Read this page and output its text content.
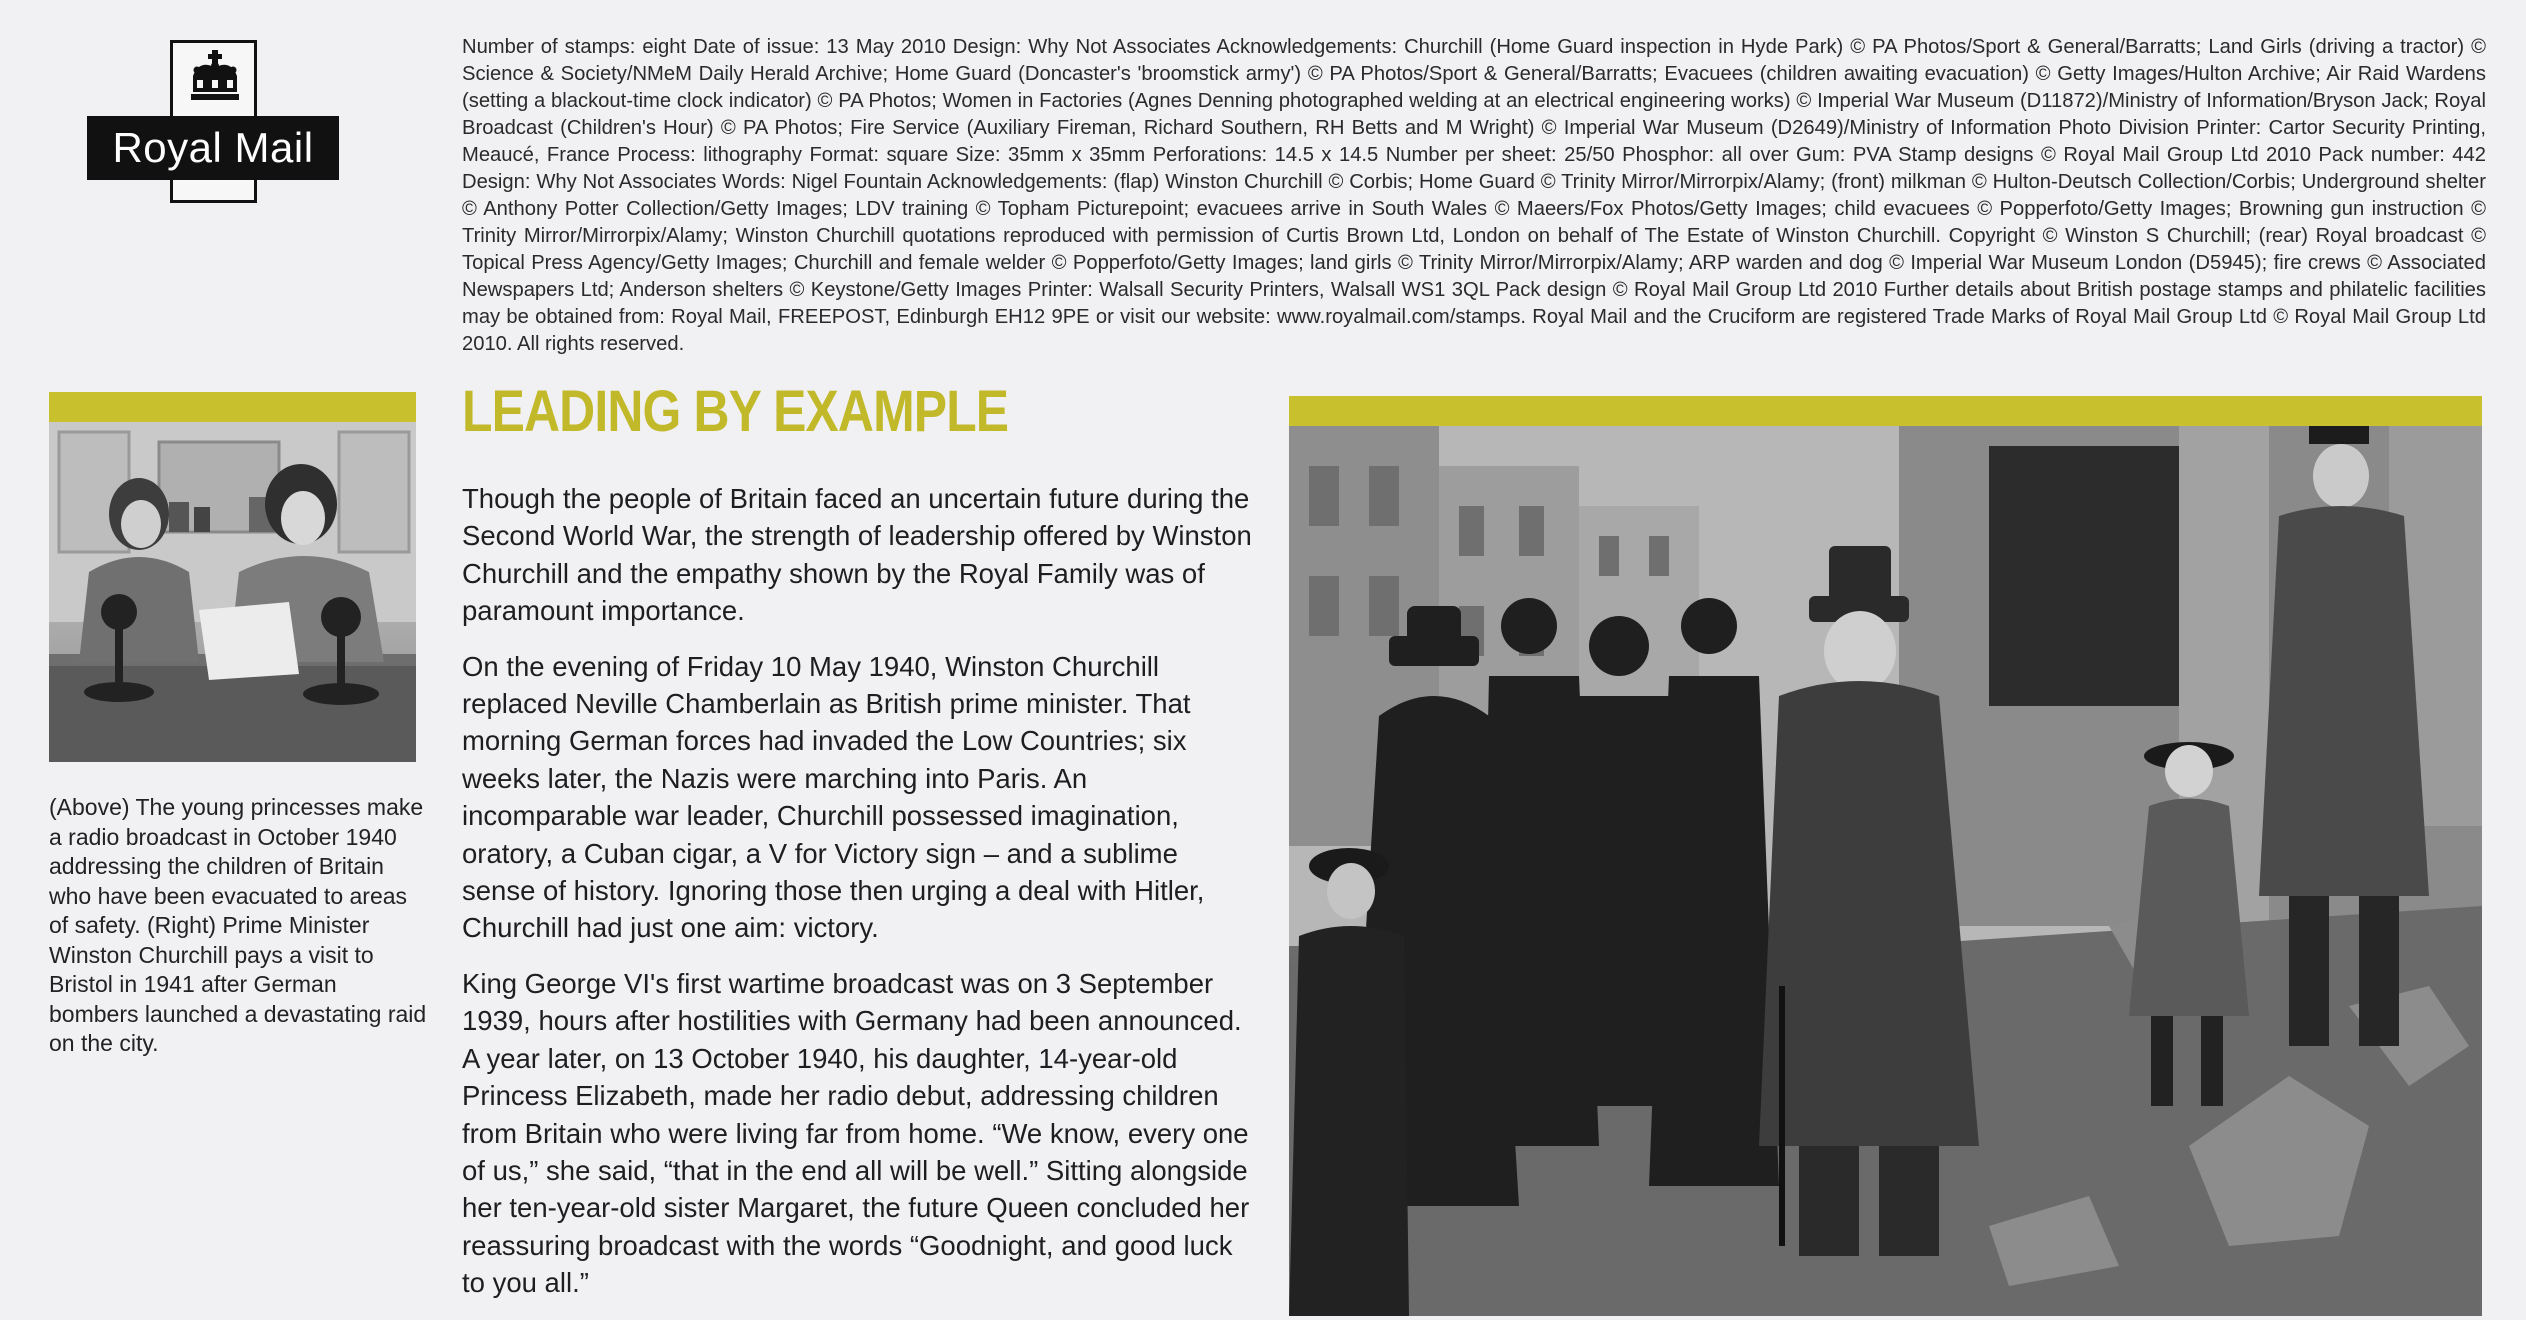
Royal Mail
Number of stamps: eight Date of issue: 13 May 2010 Design: Why Not Associates Acknowledgements: Churchill (Home Guard inspection in Hyde Park) © PA Photos/Sport & General/Barratts; Land Girls (driving a tractor) © Science & Society/NMeM Daily Herald Archive; Home Guard (Doncaster's 'broomstick army') © PA Photos/Sport & General/Barratts; Evacuees (children awaiting evacuation) © Getty Images/Hulton Archive; Air Raid Wardens (setting a blackout-time clock indicator) © PA Photos; Women in Factories (Agnes Denning photographed welding at an electrical engineering works) © Imperial War Museum (D11872)/Ministry of Information/Bryson Jack; Royal Broadcast (Children's Hour) © PA Photos; Fire Service (Auxiliary Fireman, Richard Southern, RH Betts and M Wright) © Imperial War Museum (D2649)/Ministry of Information Photo Division Printer: Cartor Security Printing, Meaucé, France Process: lithography Format: square Size: 35mm x 35mm Perforations: 14.5 x 14.5 Number per sheet: 25/50 Phosphor: all over Gum: PVA Stamp designs © Royal Mail Group Ltd 2010 Pack number: 442 Design: Why Not Associates Words: Nigel Fountain Acknowledgements: (flap) Winston Churchill © Corbis; Home Guard © Trinity Mirror/Mirrorpix/Alamy; (front) milkman © Hulton-Deutsch Collection/Corbis; Underground shelter © Anthony Potter Collection/Getty Images; LDV training © Topham Picturepoint; evacuees arrive in South Wales © Maeers/Fox Photos/Getty Images; child evacuees © Popperfoto/Getty Images; Browning gun instruction © Trinity Mirror/Mirrorpix/Alamy; Winston Churchill quotations reproduced with permission of Curtis Brown Ltd, London on behalf of The Estate of Winston Churchill. Copyright © Winston S Churchill; (rear) Royal broadcast © Topical Press Agency/Getty Images; Churchill and female welder © Popperfoto/Getty Images; land girls © Trinity Mirror/Mirrorpix/Alamy; ARP warden and dog © Imperial War Museum London (D5945); fire crews © Associated Newspapers Ltd; Anderson shelters © Keystone/Getty Images Printer: Walsall Security Printers, Walsall WS1 3QL Pack design © Royal Mail Group Ltd 2010 Further details about British postage stamps and philatelic facilities may be obtained from: Royal Mail, FREEPOST, Edinburgh EH12 9PE or visit our website: www.royalmail.com/stamps. Royal Mail and the Cruciform are registered Trade Marks of Royal Mail Group Ltd © Royal Mail Group Ltd 2010. All rights reserved.
(Above) The young princesses make a radio broadcast in October 1940 addressing the children of Britain who have been evacuated to areas of safety. (Right) Prime Minister Winston Churchill pays a visit to Bristol in 1941 after German bombers launched a devastating raid on the city.
LEADING BY EXAMPLE

Though the people of Britain faced an uncertain future during the Second World War, the strength of leadership offered by Winston Churchill and the empathy shown by the Royal Family was of paramount importance.

On the evening of Friday 10 May 1940, Winston Churchill replaced Neville Chamberlain as British prime minister. That morning German forces had invaded the Low Countries; six weeks later, the Nazis were marching into Paris. An incomparable war leader, Churchill possessed imagination, oratory, a Cuban cigar, a V for Victory sign – and a sublime sense of history. Ignoring those then urging a deal with Hitler, Churchill had just one aim: victory.

King George VI's first wartime broadcast was on 3 September 1939, hours after hostilities with Germany had been announced. A year later, on 13 October 1940, his daughter, 14-year-old Princess Elizabeth, made her radio debut, addressing children from Britain who were living far from home. “We know, every one of us,” she said, “that in the end all will be well.” Sitting alongside her ten-year-old sister Margaret, the future Queen concluded her reassuring broadcast with the words “Goodnight, and good luck to you all.”
